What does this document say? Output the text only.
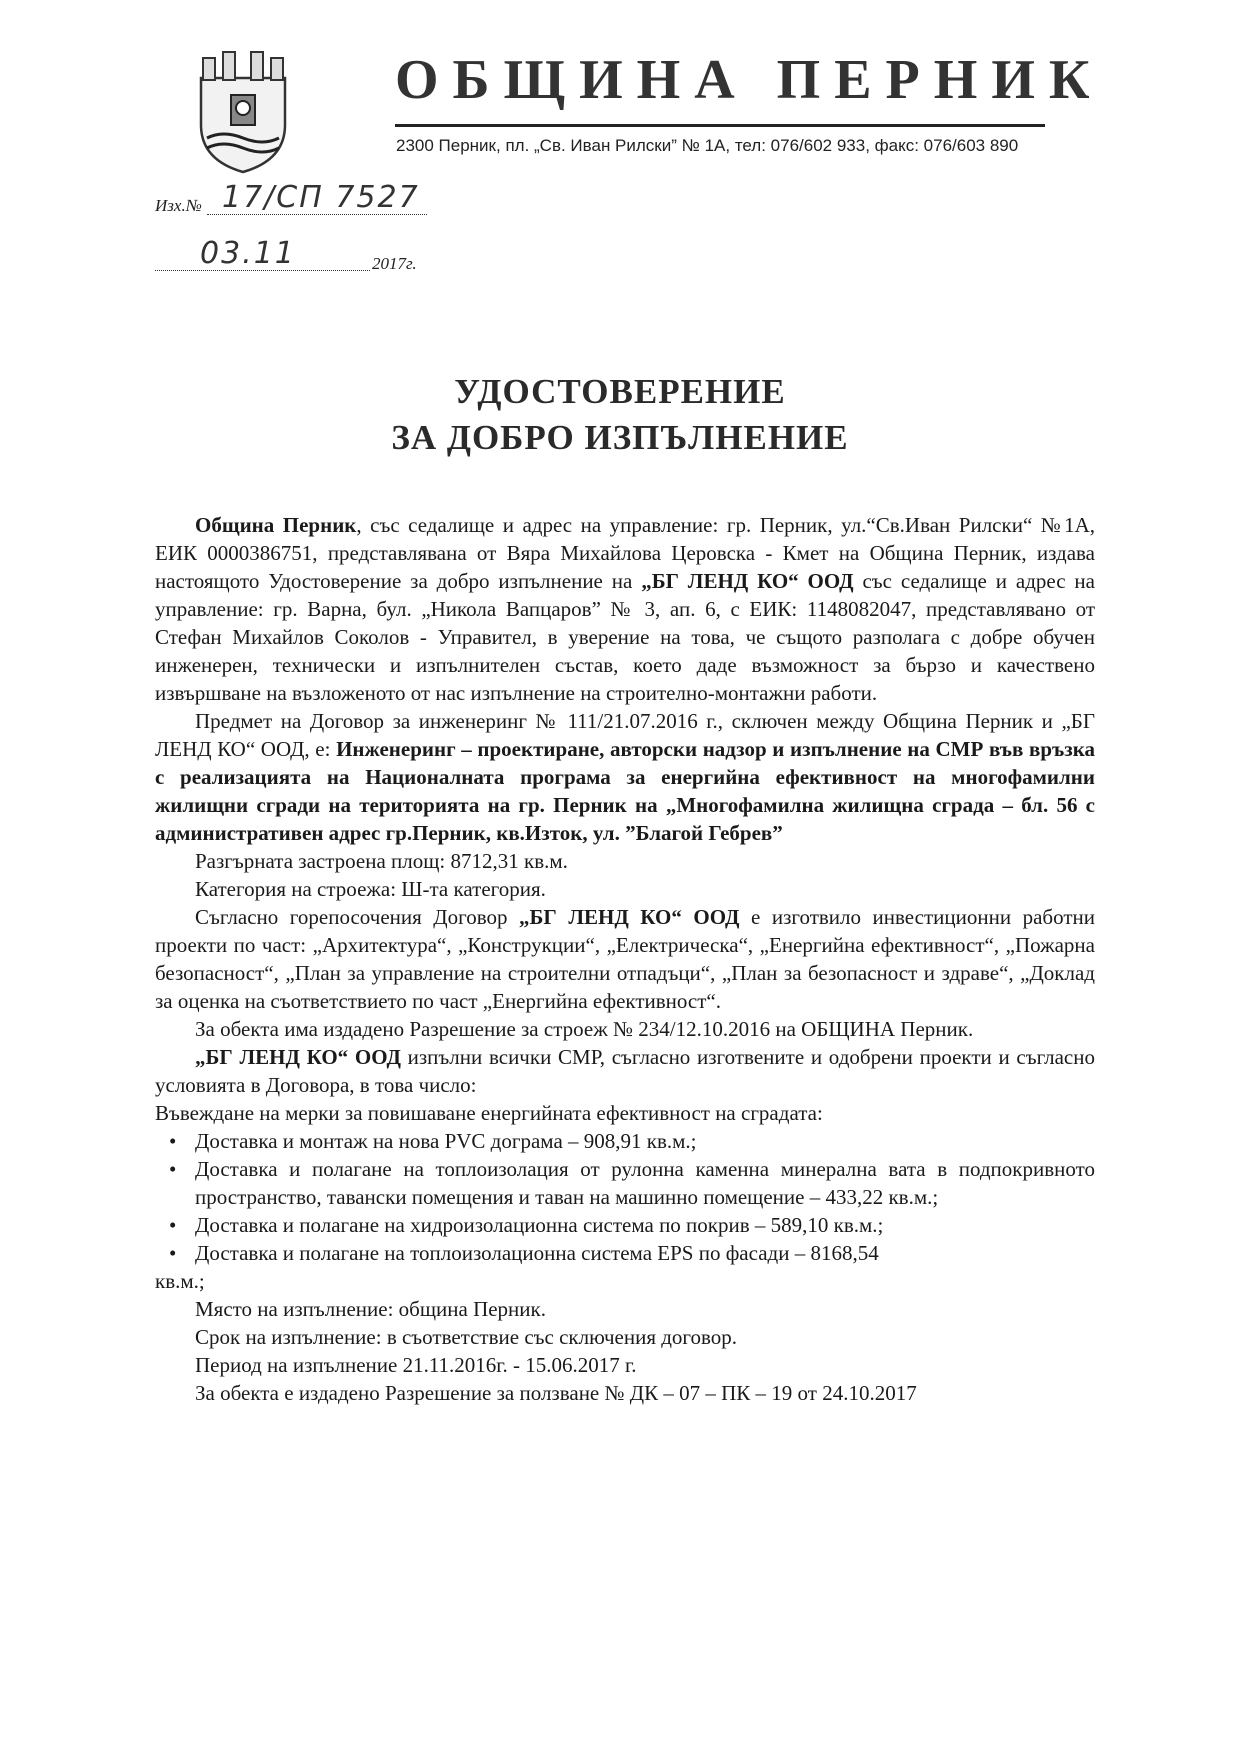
ОБЩИНА ПЕРНИК
2300 Перник, пл. „Св. Иван Рилски” № 1А, тел: 076/602 933, факс: 076/603 890
Изх.№ 17/СП 7527
03.11	2017г.
УДОСТОВЕРЕНИЕ
ЗА ДОБРО ИЗПЪЛНЕНИЕ

Община Перник, със седалище и адрес на управление: гр. Перник, ул.“Св.Иван Рилски“ №1А, ЕИК 0000386751, представлявана от Вяра Михайлова Церовска - Кмет на Община Перник, издава настоящото Удостоверение за добро изпълнение на „БГ ЛЕНД КО“ ООД със седалище и адрес на управление: гр. Варна, бул. „Никола Вапцаров” № 3, ап. 6, с ЕИК: 1148082047, представлявано от Стефан Михайлов Соколов - Управител, в уверение на това, че същото разполага с добре обучен инженерен, технически и изпълнителен състав, което даде възможност за бързо и качествено извършване на възложеното от нас изпълнение на строително-монтажни работи.

Предмет на Договор за инженеринг № 111/21.07.2016 г., сключен между Община Перник и „БГ ЛЕНД КО“ ООД, е: Инженеринг – проектиране, авторски надзор и изпълнение на СМР във връзка с реализацията на Националната програма за енергийна ефективност на многофамилни жилищни сгради на територията на гр. Перник на „Многофамилна жилищна сграда – бл. 56 с административен адрес гр.Перник, кв.Изток, ул. ”Благой Гебрев”

Разгърната застроена площ: 8712,31 кв.м.

Категория на строежа: Ш-та категория.

Съгласно горепосочения Договор „БГ ЛЕНД КО“ ООД е изготвило инвестиционни работни проекти по част: „Архитектура“, „Конструкции“, „Електрическа“, „Енергийна ефективност“, „Пожарна безопасност“, „План за управление на строителни отпадъци“, „План за безопасност и здраве“, „Доклад за оценка на съответствието по част „Енергийна ефективност“.

За обекта има издадено Разрешение за строеж № 234/12.10.2016 на ОБЩИНА Перник.

„БГ ЛЕНД КО“ ООД изпълни всички СМР, съгласно изготвените и одобрени проекти и съгласно условията в Договора, в това число:

Въвеждане на мерки за повишаване енергийната ефективност на сградата:

• Доставка и монтаж на нова PVC дограма – 908,91 кв.м.;
• Доставка и полагане на топлоизолация от рулонна каменна минерална вата в подпокривното пространство, тавански помещения и таван на машинно помещение – 433,22 кв.м.;
• Доставка и полагане на хидроизолационна система по покрив – 589,10 кв.м.;
• Доставка и полагане на топлоизолационна система EPS по фасади – 8168,54

кв.м.;

Място на изпълнение: община Перник.

Срок на изпълнение: в съответствие със сключения договор.

Период на изпълнение 21.11.2016г. - 15.06.2017 г.

За обекта е издадено Разрешение за ползване № ДК – 07 – ПК – 19 от 24.10.2017
